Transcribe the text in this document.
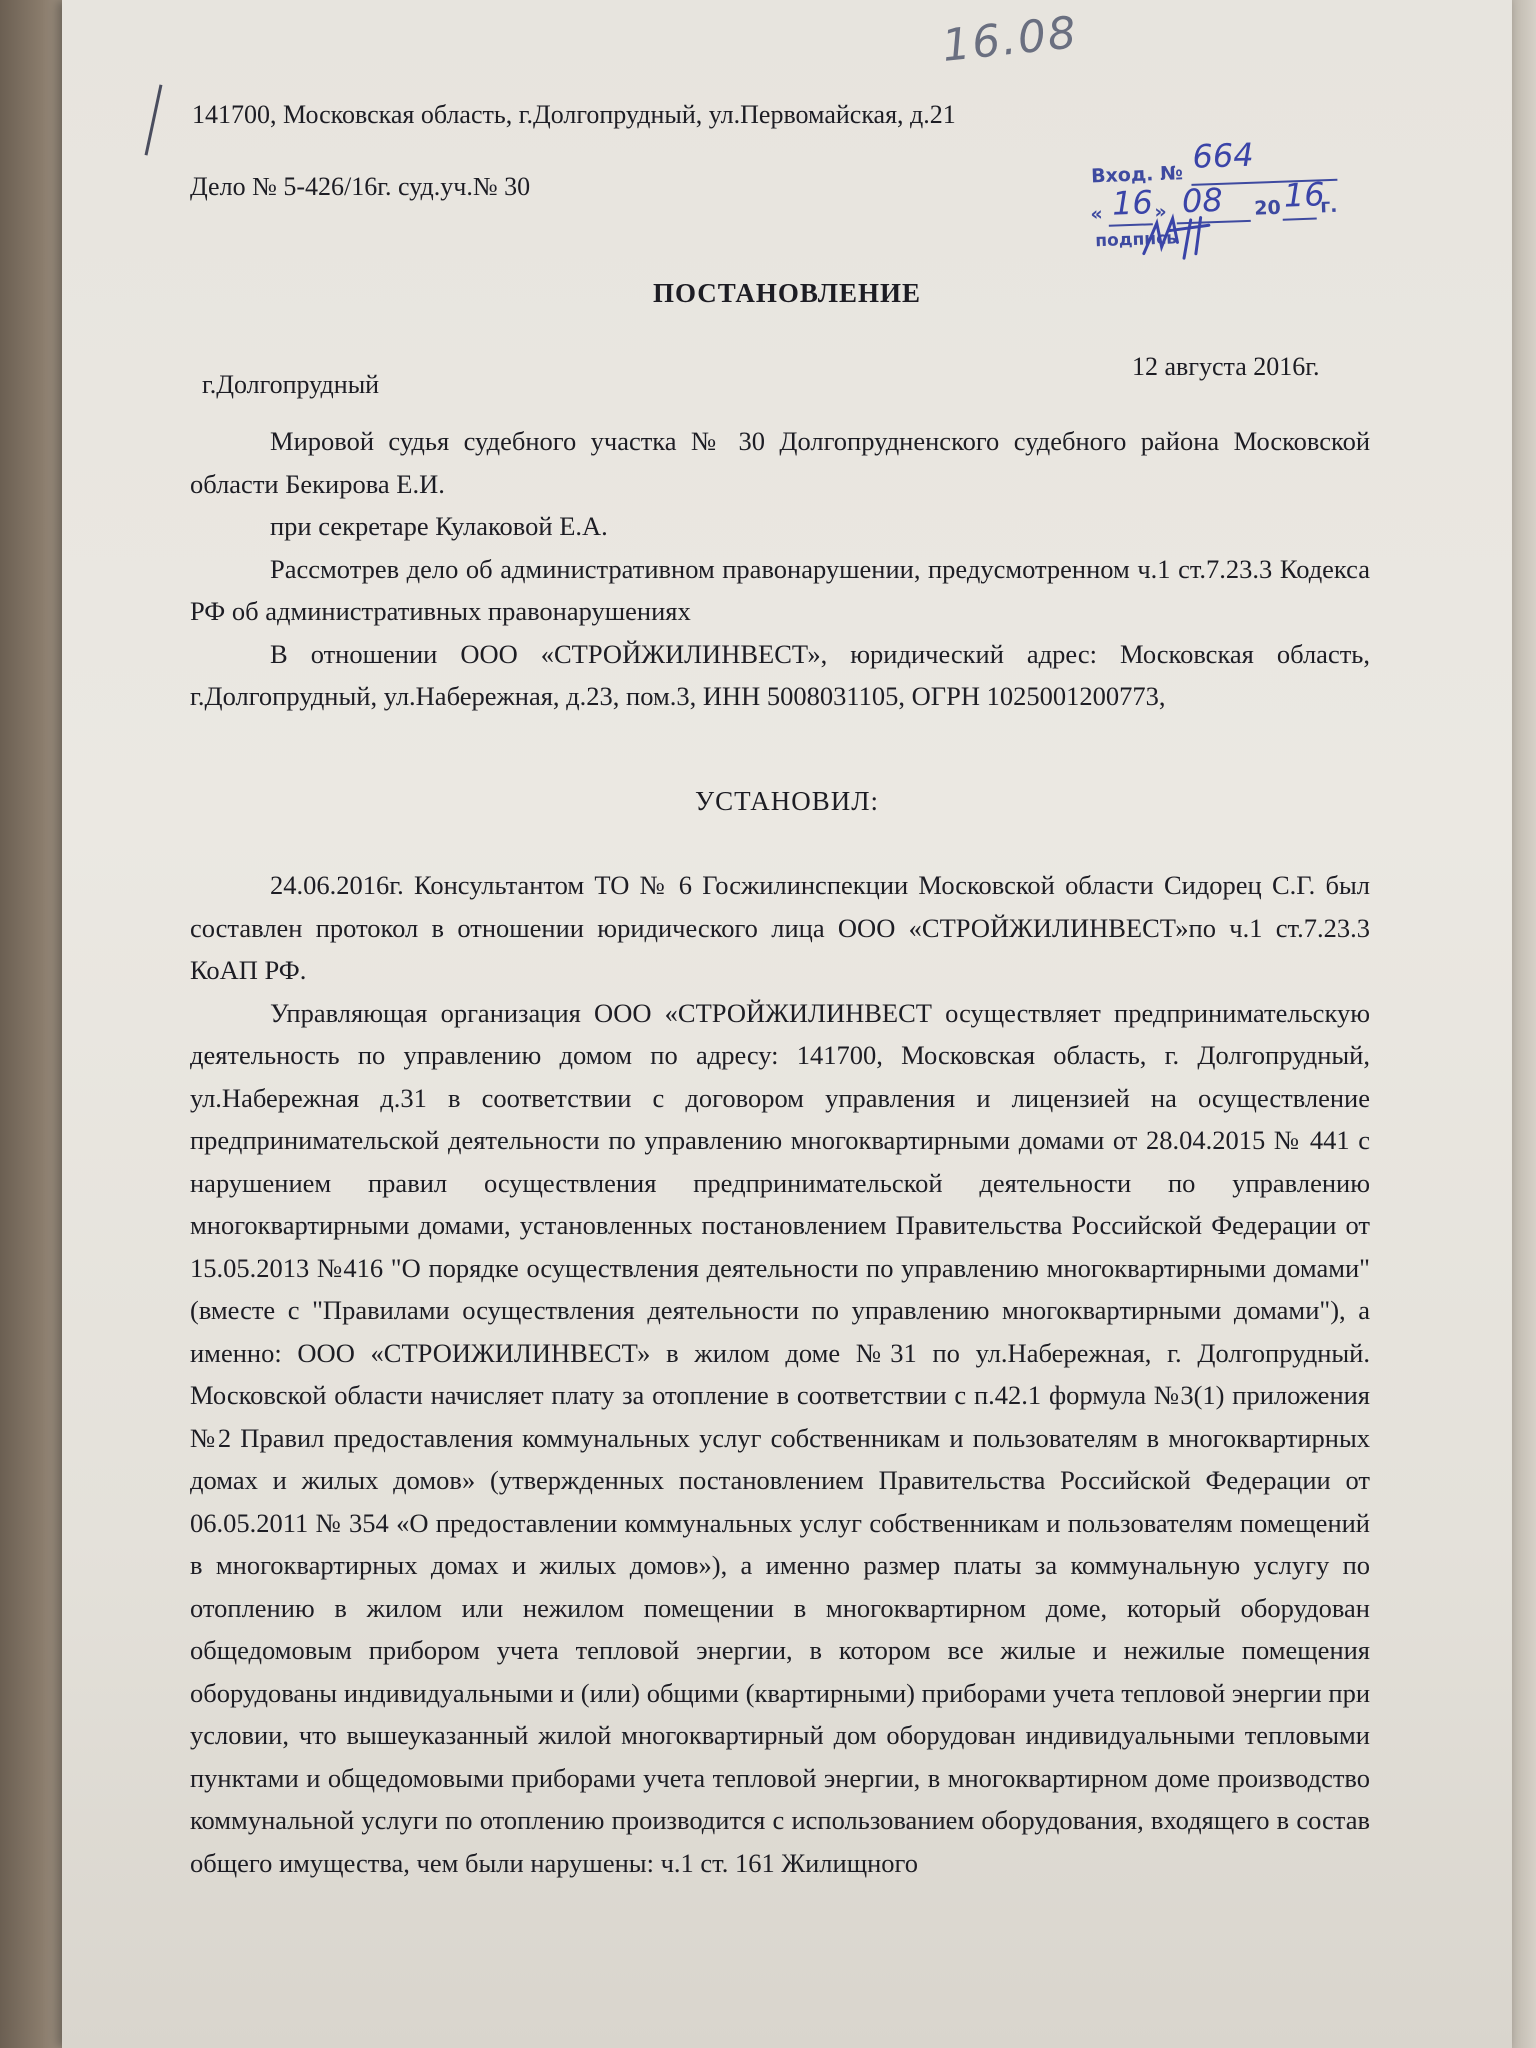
16.08
141700, Московская область, г.Долгопрудный, ул.Первомайская, д.21
Дело № 5-426/16г. суд.уч.№ 30	Вход. № 664
« 16 » 08 20 16
г.
подпись
ПОСТАНОВЛЕНИЕ
г.Долгопрудный
12 августа 2016г.

Мировой судья судебного участка № 30 Долгопрудненского судебного района Московской области Бекирова Е.И.

при секретаре Кулаковой Е.А.

Рассмотрев дело об административном правонарушении, предусмотренном ч.1 ст.7.23.3 Кодекса РФ об административных правонарушениях

В отношении ООО «СТРОЙЖИЛИНВЕСТ», юридический адрес: Московская область, г.Долгопрудный, ул.Набережная, д.23, пом.3, ИНН 5008031105, ОГРН 1025001200773,

УСТАНОВИЛ:

24.06.2016г. Консультантом ТО № 6 Госжилинспекции Московской области Сидорец С.Г. был составлен протокол в отношении юридического лица ООО «СТРОЙЖИЛИНВЕСТ»по ч.1 ст.7.23.3 КоАП РФ.

Управляющая организация ООО «СТРОЙЖИЛИНВЕСТ осуществляет предпринимательскую деятельность по управлению домом по адресу: 141700, Московская область, г. Долгопрудный, ул.Набережная д.31 в соответствии с договором управления и лицензией на осуществление предпринимательской деятельности по управлению многоквартирными домами от 28.04.2015 № 441 с нарушением правил осуществления предпринимательской деятельности по управлению многоквартирными домами, установленных постановлением Правительства Российской Федерации от 15.05.2013 №416 "О порядке осуществления деятельности по управлению многоквартирными домами" (вместе с "Правилами осуществления деятельности по управлению многоквартирными домами"), а именно: ООО «СТРОИЖИЛИНВЕСТ» в жилом доме №31 по ул.Набережная, г. Долгопрудный. Московской области начисляет плату за отопление в соответствии с п.42.1 формула №3(1) приложения №2 Правил предоставления коммунальных услуг собственникам и пользователям в многоквартирных домах и жилых домов» (утвержденных постановлением Правительства Российской Федерации от 06.05.2011 № 354 «О предоставлении коммунальных услуг собственникам и пользователям помещений в многоквартирных домах и жилых домов»), а именно размер платы за коммунальную услугу по отоплению в жилом или нежилом помещении в многоквартирном доме, который оборудован общедомовым прибором учета тепловой энергии, в котором все жилые и нежилые помещения оборудованы индивидуальными и (или) общими (квартирными) приборами учета тепловой энергии при условии, что вышеуказанный жилой многоквартирный дом оборудован индивидуальными тепловыми пунктами и общедомовыми приборами учета тепловой энергии, в многоквартирном доме производство коммунальной услуги по отоплению производится с использованием оборудования, входящего в состав общего имущества, чем были нарушены: ч.1 ст. 161 Жилищного
